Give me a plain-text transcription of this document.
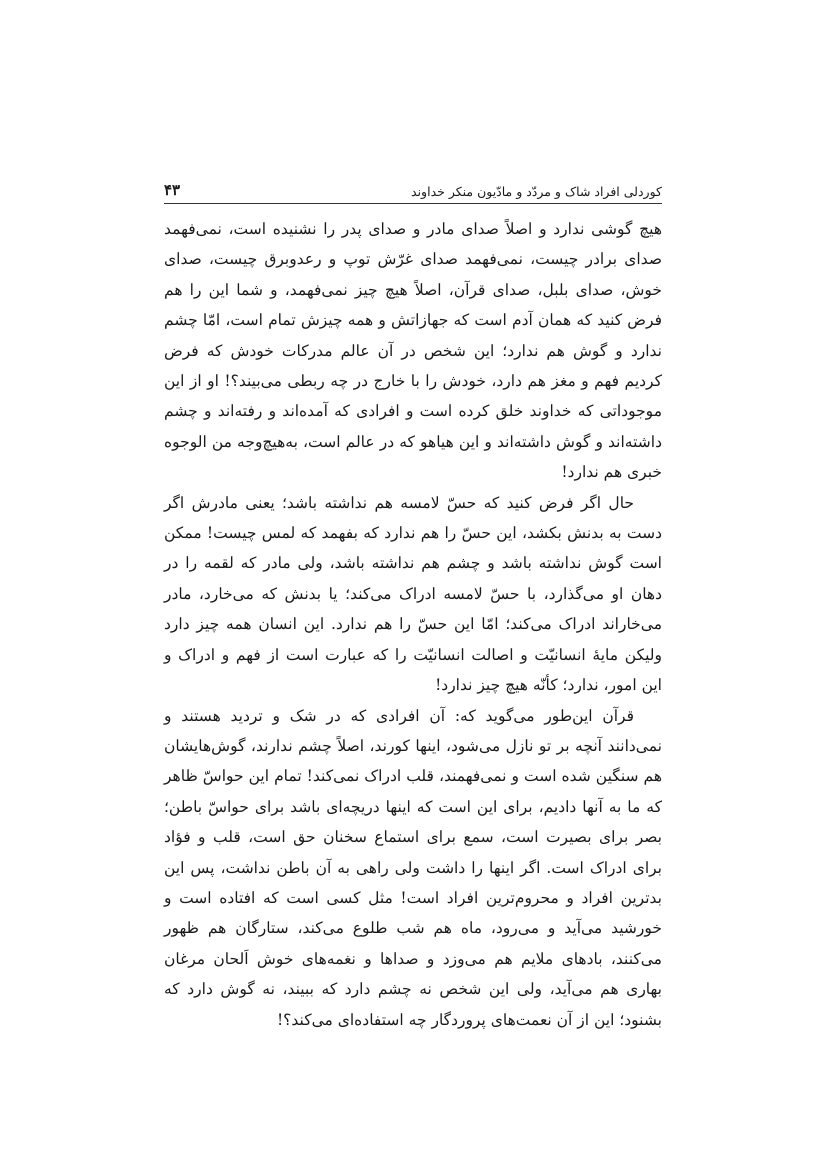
کوردلی افراد شاک و مردّد و مادّیون منکر خداوند
۴۳

هیچ گوشی ندارد و اصلاً صدای مادر و صدای پدر را نشنیده است، نمی‌فهمد صدای برادر چیست، نمی‌فهمد صدای غرّش توپ و رعدوبرق چیست، صدای خوش، صدای بلبل، صدای قرآن، اصلاً هیچ چیز نمی‌فهمد، و شما این را هم فرض کنید که همان آدم است که جهازاتش و همه چیزش تمام است، امّا چشم ندارد و گوش هم ندارد؛ این شخص در آن عالم مدرکات خودش که فرض کردیم فهم و مغز هم دارد، خودش را با خارج در چه ربطی می‌بیند؟! او از این موجوداتی که خداوند خلق کرده است و افرادی که آمده‌اند و رفته‌اند و چشم داشته‌اند و گوش داشته‌اند و این هیاهو که در عالم است، به‌هیچ‌وجه من الوجوه خبری هم ندارد!

حال اگر فرض کنید که حسّ لامسه هم نداشته باشد؛ یعنی مادرش اگر دست به بدنش بکشد، این حسّ را هم ندارد که بفهمد که لمس چیست! ممکن است گوش نداشته باشد و چشم هم نداشته باشد، ولی مادر که لقمه را در دهان او می‌گذارد، با حسّ لامسه ادراک می‌کند؛ یا بدنش که می‌خارد، مادر می‌خاراند ادراک می‌کند؛ امّا این حسّ را هم ندارد. این انسان همه چیز دارد ولیکن مایهٔ انسانیّت و اصالت انسانیّت را که عبارت است از فهم و ادراک و این امور، ندارد؛ کأنّه هیچ چیز ندارد!

قرآن این‌طور می‌گوید که: آن افرادی که در شک و تردید هستند و نمی‌دانند آنچه بر تو نازل می‌شود، اینها کورند، اصلاً چشم ندارند، گوش‌هایشان هم سنگین شده است و نمی‌فهمند، قلب ادراک نمی‌کند! تمام این حواسّ ظاهر که ما به آنها دادیم، برای این است که اینها دریچه‌ای باشد برای حواسّ باطن؛ بصر برای بصیرت است، سمع برای استماع سخنان حق است، قلب و فؤاد برای ادراک است. اگر اینها را داشت ولی راهی به آن باطن نداشت، پس این بدترین افراد و محروم‌ترین افراد است! مثل کسی است که افتاده است و خورشید می‌آید و می‌رود، ماه هم شب طلوع می‌کند، ستارگان هم ظهور می‌کنند، بادهای ملایم هم می‌وزد و صداها و نغمه‌های خوش اَلحان مرغان بهاری هم می‌آید، ولی این شخص نه چشم دارد که ببیند، نه گوش دارد که بشنود؛ این از آن نعمت‌های پروردگار چه استفاده‌ای می‌کند؟!
